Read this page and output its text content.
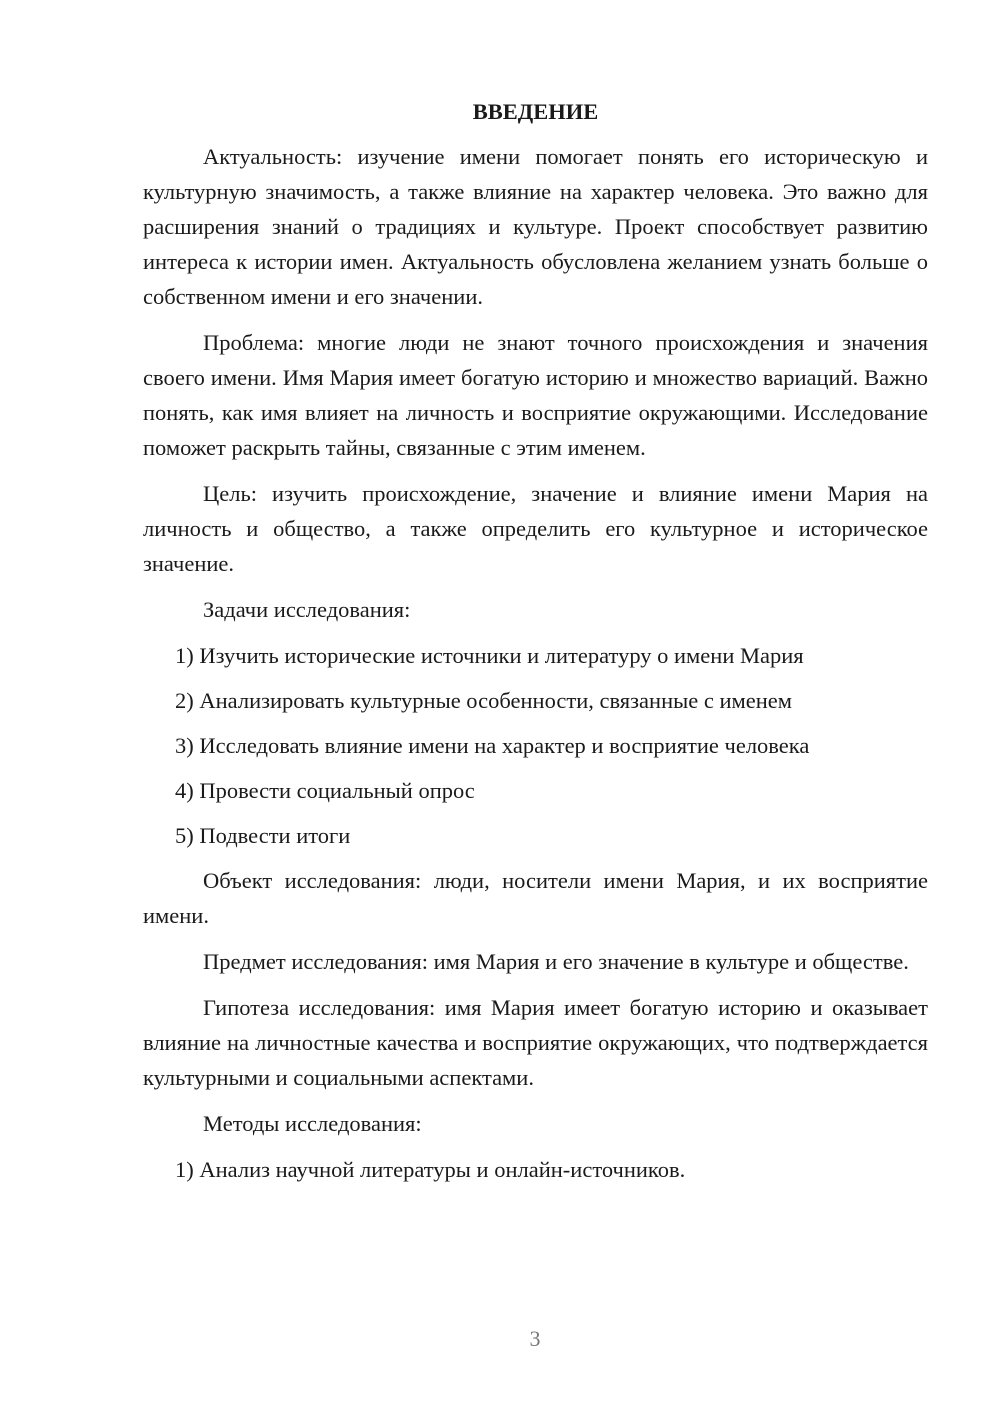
ВВЕДЕНИЕ

Актуальность: изучение имени помогает понять его историческую и культурную значимость, а также влияние на характер человека. Это важно для расширения знаний о традициях и культуре. Проект способствует развитию интереса к истории имен. Актуальность обусловлена желанием узнать больше о собственном имени и его значении.

Проблема: многие люди не знают точного происхождения и значения своего имени. Имя Мария имеет богатую историю и множество вариаций. Важно понять, как имя влияет на личность и восприятие окружающими. Исследование поможет раскрыть тайны, связанные с этим именем.

Цель: изучить происхождение, значение и влияние имени Мария на личность и общество, а также определить его культурное и историческое значение.

Задачи исследования:

1) Изучить исторические источники и литературу о имени Мария
2) Анализировать культурные особенности, связанные с именем
3) Исследовать влияние имени на характер и восприятие человека
4) Провести социальный опрос
5) Подвести итоги

Объект исследования: люди, носители имени Мария, и их восприятие имени.

Предмет исследования: имя Мария и его значение в культуре и обществе.

Гипотеза исследования: имя Мария имеет богатую историю и оказывает влияние на личностные качества и восприятие окружающих, что подтверждается культурными и социальными аспектами.

Методы исследования:

1) Анализ научной литературы и онлайн-источников.
3
